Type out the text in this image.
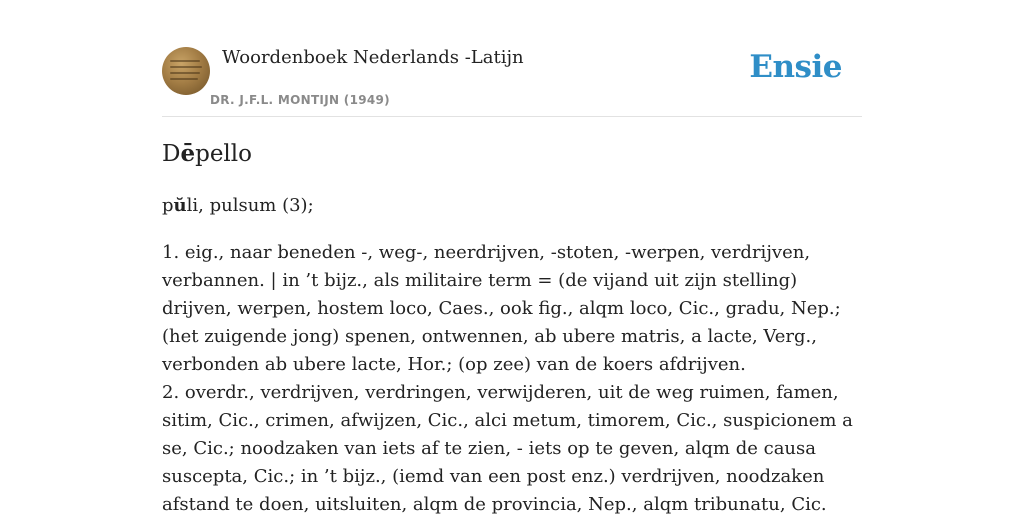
Woordenboek Nederlands -Latijn
DR. J.F.L. MONTIJN (1949)
Ensie
Dēpello

pŭli, pulsum (3);

1. eig., naar beneden -, weg-, neerdrijven, -stoten, -werpen, verdrijven, verbannen. | in ’t bijz., als militaire term = (de vijand uit zijn stelling) drijven, werpen, hostem loco, Caes., ook fig., alqm loco, Cic., gradu, Nep.; (het zuigende jong) spenen, ontwennen, ab ubere matris, a lacte, Verg., verbonden ab ubere lacte, Hor.; (op zee) van de koers afdrijven.

2. overdr., verdrijven, verdringen, verwijderen, uit de weg ruimen, famen, sitim, Cic., crimen, afwijzen, Cic., alci metum, timorem, Cic., suspicionem a se, Cic.; noodzaken van iets af te zien, - iets op te geven, alqm de causa suscepta, Cic.; in ’t bijz., (iemd van een post enz.) verdrijven, noodzaken afstand te doen, uitsluiten, alqm de provincia, Nep., alqm tribunatu, Cic.
